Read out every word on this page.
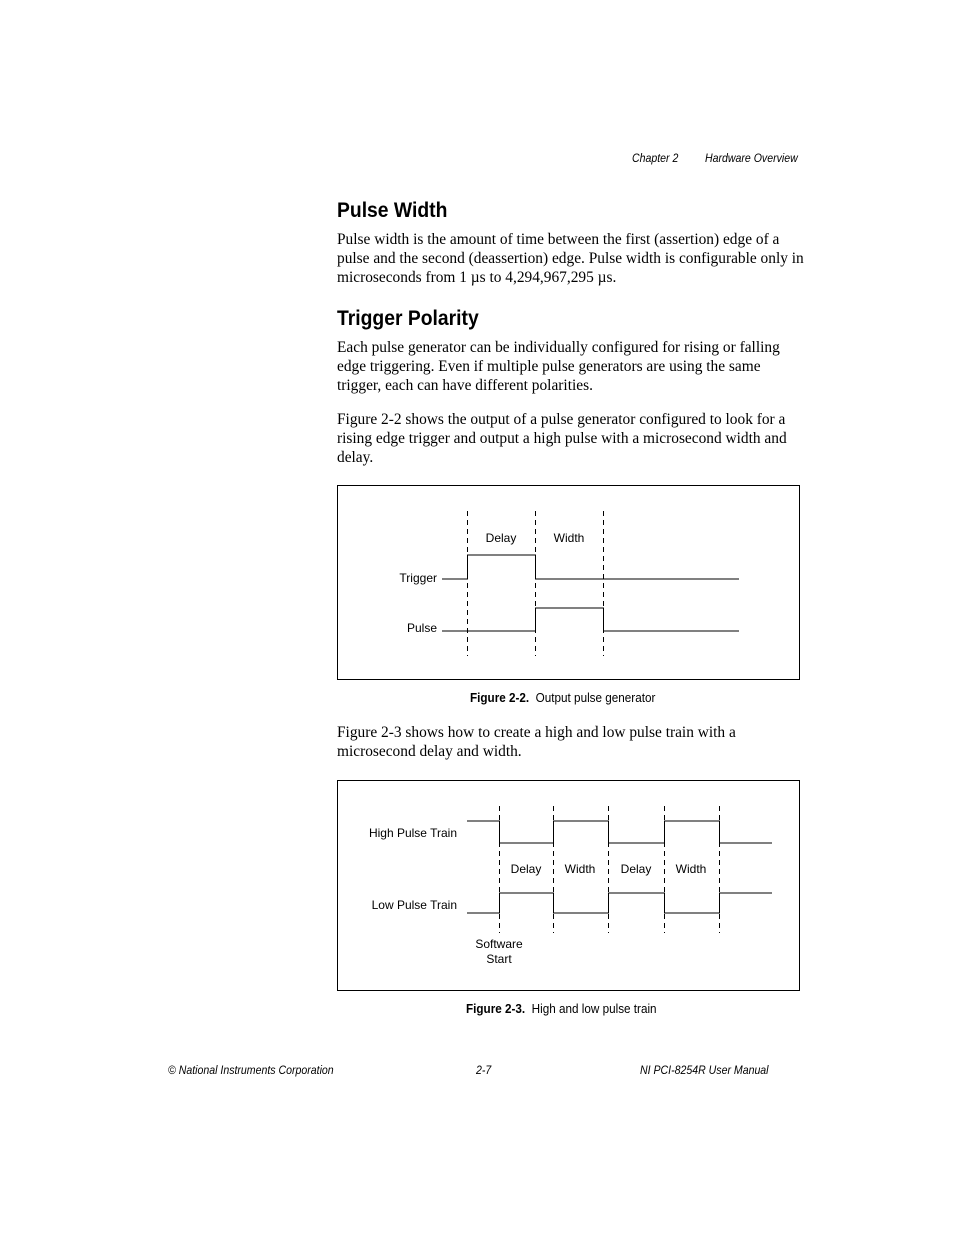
Chapter 2 Hardware Overview
Pulse Width

Pulse width is the amount of time between the first (assertion) edge of a pulse and the second (deassertion) edge. Pulse width is configurable only in microseconds from 1 µs to 4,294,967,295 µs.

Trigger Polarity

Each pulse generator can be individually configured for rising or falling edge triggering. Even if multiple pulse generators are using the same trigger, each can have different polarities.

Figure 2-2 shows the output of a pulse generator configured to look for a rising edge trigger and output a high pulse with a microsecond width and delay.

Delay	Width
Trigger
Pulse
Figure 2-2. Output pulse generator

Figure 2-3 shows how to create a high and low pulse train with a microsecond delay and width.

High Pulse Train
Low Pulse Train
Delay Width Delay Width
Software
Start
Figure 2-3. High and low pulse train
© National Instruments Corporation	2-7	NI PCI-8254R User Manual
